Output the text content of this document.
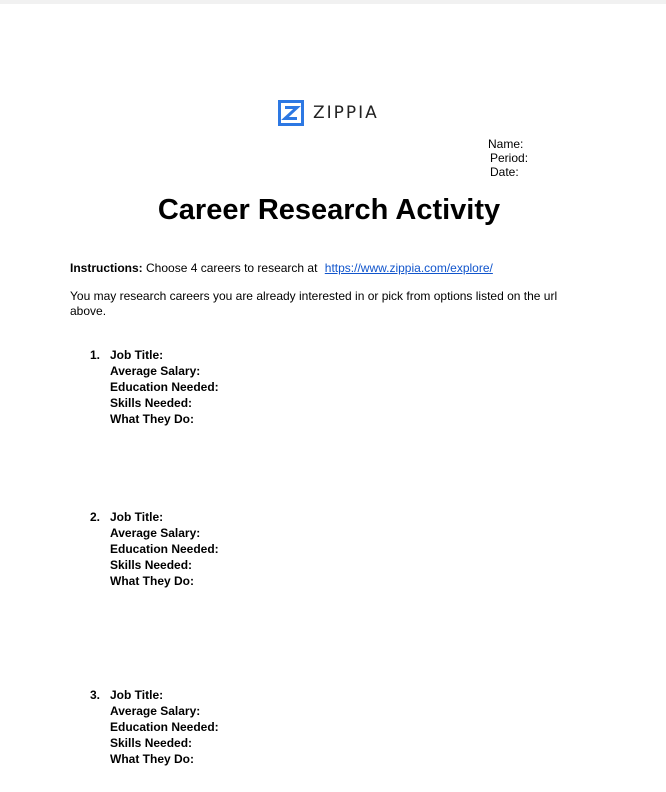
ZIPPIA
Name:
Period:
Date:
Career Research Activity
Instructions: Choose 4 careers to research at https://www.zippia.com/explore/
You may research careers you are already interested in or pick from options listed on the url above.
1. Job Title:
Average Salary:
Education Needed:
Skills Needed:
What They Do:
2. Job Title:
Average Salary:
Education Needed:
Skills Needed:
What They Do:
3. Job Title:
Average Salary:
Education Needed:
Skills Needed:
What They Do:
